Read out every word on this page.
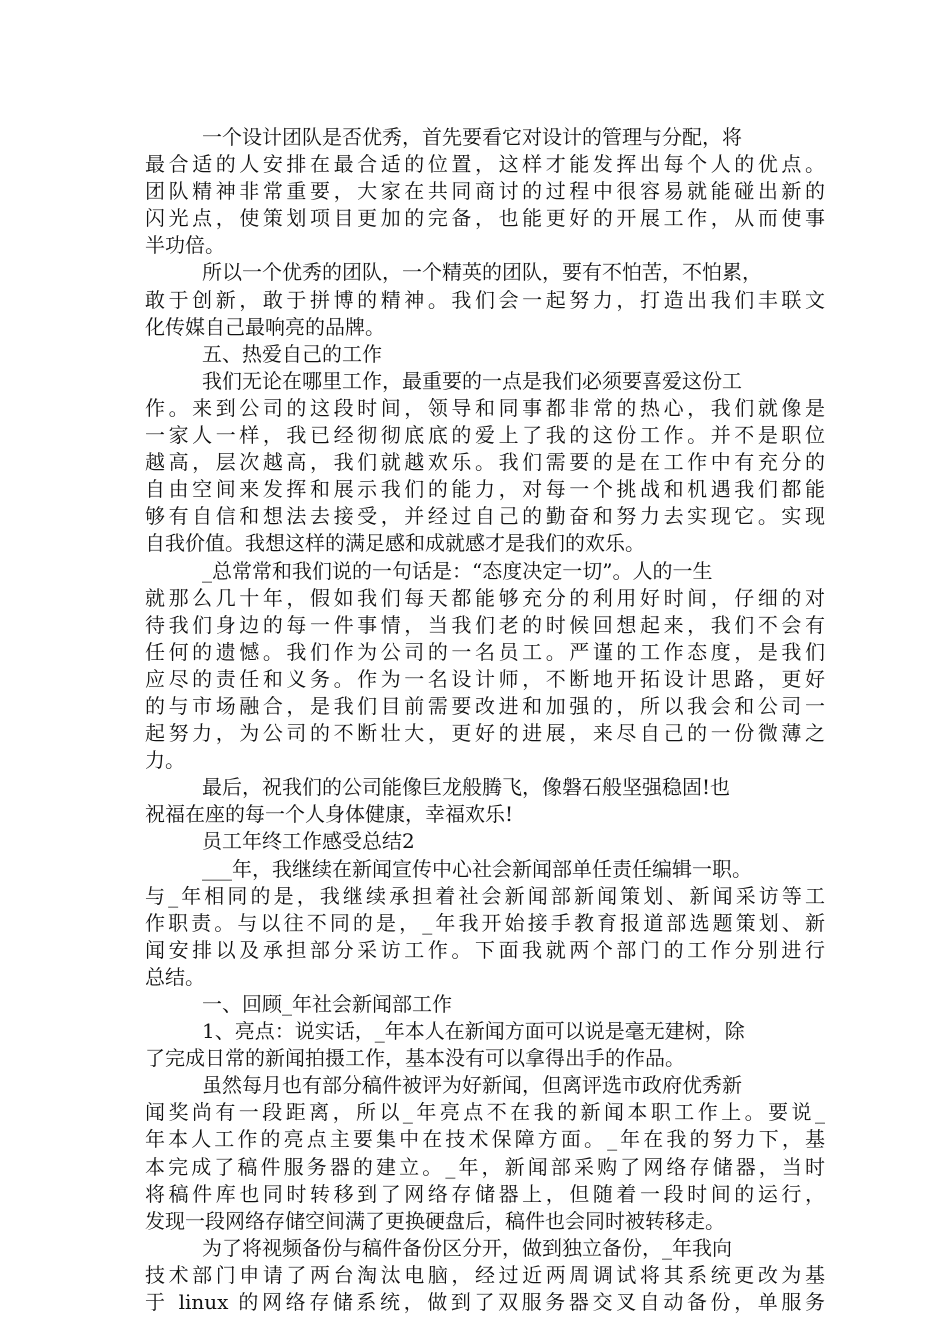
一个设计团队是否优秀，首先要看它对设计的管理与分配，将
最合适的人安排在最合适的位置，这样才能发挥出每个人的优点。
团队精神非常重要，大家在共同商讨的过程中很容易就能碰出新的
闪光点，使策划项目更加的完备，也能更好的开展工作，从而使事
半功倍。
所以一个优秀的团队，一个精英的团队，要有不怕苦，不怕累，
敢于创新，敢于拼博的精神。我们会一起努力，打造出我们丰联文
化传媒自己最响亮的品牌。
五、热爱自己的工作
我们无论在哪里工作，最重要的一点是我们必须要喜爱这份工
作。来到公司的这段时间，领导和同事都非常的热心，我们就像是
一家人一样，我已经彻彻底底的爱上了我的这份工作。并不是职位
越高，层次越高，我们就越欢乐。我们需要的是在工作中有充分的
自由空间来发挥和展示我们的能力，对每一个挑战和机遇我们都能
够有自信和想法去接受，并经过自己的勤奋和努力去实现它。实现
自我价值。我想这样的满足感和成就感才是我们的欢乐。
_总常常和我们说的一句话是：“态度决定一切”。人的一生
就那么几十年，假如我们每天都能够充分的利用好时间，仔细的对
待我们身边的每一件事情，当我们老的时候回想起来，我们不会有
任何的遗憾。我们作为公司的一名员工。严谨的工作态度，是我们
应尽的责任和义务。作为一名设计师，不断地开拓设计思路，更好
的与市场融合，是我们目前需要改进和加强的，所以我会和公司一
起努力，为公司的不断壮大，更好的进展，来尽自己的一份微薄之
力。
最后，祝我们的公司能像巨龙般腾飞，像磐石般坚强稳固!也
祝福在座的每一个人身体健康，幸福欢乐!
员工年终工作感受总结2
___年，我继续在新闻宣传中心社会新闻部单任责任编辑一职。
与_年相同的是，我继续承担着社会新闻部新闻策划、新闻采访等工
作职责。与以往不同的是，_年我开始接手教育报道部选题策划、新
闻安排以及承担部分采访工作。下面我就两个部门的工作分别进行
总结。
一、回顾_年社会新闻部工作
1、亮点：说实话，_年本人在新闻方面可以说是毫无建树，除
了完成日常的新闻拍摄工作，基本没有可以拿得出手的作品。
虽然每月也有部分稿件被评为好新闻，但离评选市政府优秀新
闻奖尚有一段距离，所以_年亮点不在我的新闻本职工作上。要说_
年本人工作的亮点主要集中在技术保障方面。_年在我的努力下，基
本完成了稿件服务器的建立。_年，新闻部采购了网络存储器，当时
将稿件库也同时转移到了网络存储器上，但随着一段时间的运行，
发现一段网络存储空间满了更换硬盘后，稿件也会同时被转移走。
为了将视频备份与稿件备份区分开，做到独立备份，_年我向
技术部门申请了两台淘汰电脑，经过近两周调试将其系统更改为基
于 linux 的网络存储系统，做到了双服务器交叉自动备份，单服务
